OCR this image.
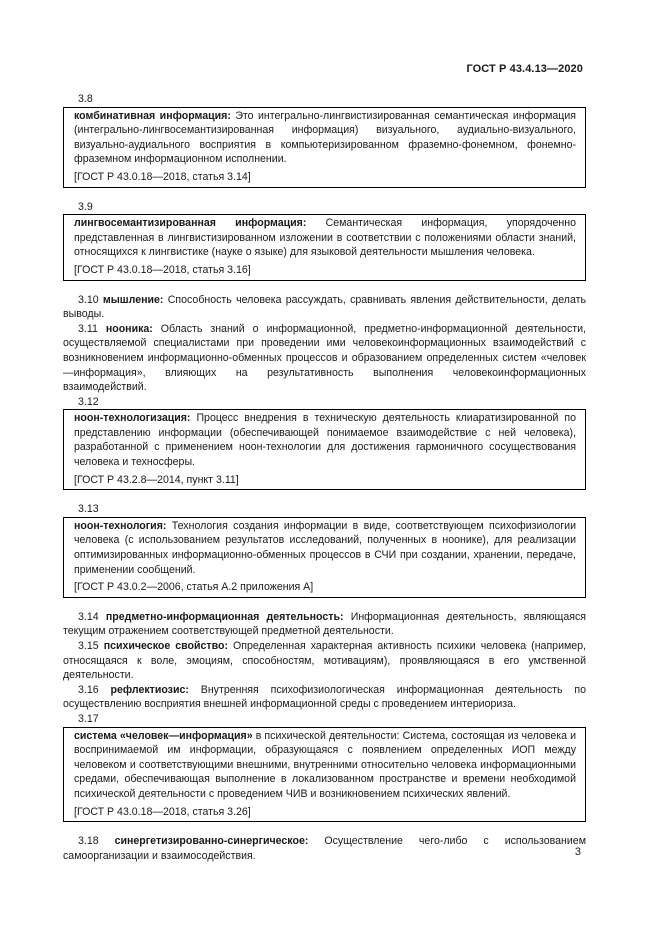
ГОСТ Р 43.4.13—2020
3.8

комбинативная информация: Это интегрально-лингвистизированная семантическая информация (интегрально-лингвосемантизированная информация) визуального, аудиально-визуального, визуально-аудиального восприятия в компьютеризированном фраземно-фонемном, фонемно-фраземном информационном исполнении.

[ГОСТ Р 43.0.18—2018, статья 3.14]
3.9

лингвосемантизированная информация: Семантическая информация, упорядоченно представленная в лингвистизированном изложении в соответствии с положениями области знаний, относящихся к лингвистике (науке о языке) для языковой деятельности мышления человека.

[ГОСТ Р 43.0.18—2018, статья 3.16]

3.10 мышление: Способность человека рассуждать, сравнивать явления действительности, делать выводы.

3.11 нооника: Область знаний о информационной, предметно-информационной деятельности, осуществляемой специалистами при проведении ими человекоинформационных взаимодействий с возникновением информационно-обменных процессов и образованием определенных систем «человек—информация», влияющих на результативность выполнения человекоинформационных взаимодействий.

3.12

ноон-технологизация: Процесс внедрения в техническую деятельность клиаратизированной по представлению информации (обеспечивающей понимаемое взаимодействие с ней человека), разработанной с применением ноон-технологии для достижения гармоничного сосуществования человека и техносферы.

[ГОСТ Р 43.2.8—2014, пункт 3.11]
3.13

ноон-технология: Технология создания информации в виде, соответствующем психофизиологии человека (с использованием результатов исследований, полученных в ноонике), для реализации оптимизированных информационно-обменных процессов в СЧИ при создании, хранении, передаче, применении сообщений.

[ГОСТ Р 43.0.2—2006, статья А.2 приложения А]

3.14 предметно-информационная деятельность: Информационная деятельность, являющаяся текущим отражением соответствующей предметной деятельности.

3.15 психическое свойство: Определенная характерная активность психики человека (например, относящаяся к воле, эмоциям, способностям, мотивациям), проявляющаяся в его умственной деятельности.

3.16 рефлектиозис: Внутренняя психофизиологическая информационная деятельность по осуществлению восприятия внешней информационной среды с проведением интериориза.

3.17

система «человек—информация» в психической деятельности: Система, состоящая из человека и воспринимаемой им информации, образующаяся с появлением определенных ИОП между человеком и соответствующими внешними, внутренними относительно человека информационными средами, обеспечивающая выполнение в локализованном пространстве и времени необходимой психической деятельности с проведением ЧИВ и возникновением психических явлений.

[ГОСТ Р 43.0.18—2018, статья 3.26]

3.18 синергетизированно-синергическое: Осуществление чего-либо с использованием самоорганизации и взаимосодействия.	3
